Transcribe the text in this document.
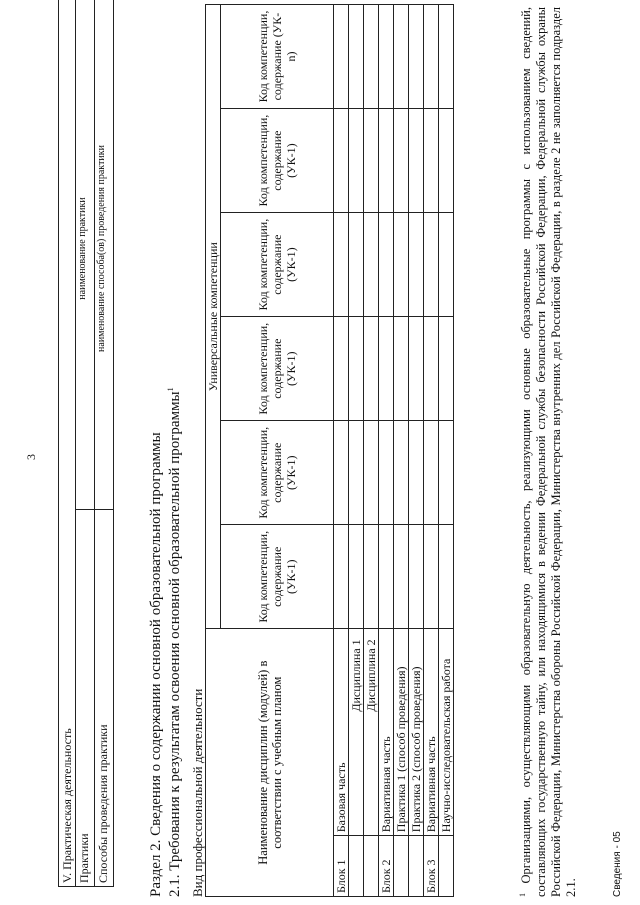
3
V. Практическая деятельность	
Практики	наименование практики
Способы проведения практики	наименование способа(ов) проведения практики
Раздел 2. Сведения о содержании основной образовательной программы 2.1. Требования к результатам освоения основной образовательной программы$^1$
Вид профессиональной деятельности	Наименование дисциплин (модулей) в соответствии с учебным планом		Универсальные компетенции					
		Код компетенции, содержание (УК-1)	Код компетенции, содержание (УК-1)	Код компетенции, содержание (УК-1)	Код компетенции, содержание (УК-1)	Код компетенции, содержание (УК-1)	Код компетенции, содержание (УК-n)
Блок 1	Базовая часть						
	Дисциплина 1						
	Дисциплина 2						
Блок 2	Вариативная часть						
	Практика 1 (способ проведения)						
	Практика 2 (способ проведения)						
Блок 3	Вариативная часть						
	Научно-исследовательская работа						
$^1$ Организациями, осуществляющими образовательную деятельность, реализующими основные образовательные программы с использованием сведений, составляющих государственную тайну, или находящимися в ведении Федеральной службы безопасности Российской Федерации, Федеральной службы охраны Российской Федерации, Министерства обороны Российской Федерации, Министерства внутренних дел Российской Федерации, в разделе 2 не заполняется подраздел 2.1.	Сведения - 05
